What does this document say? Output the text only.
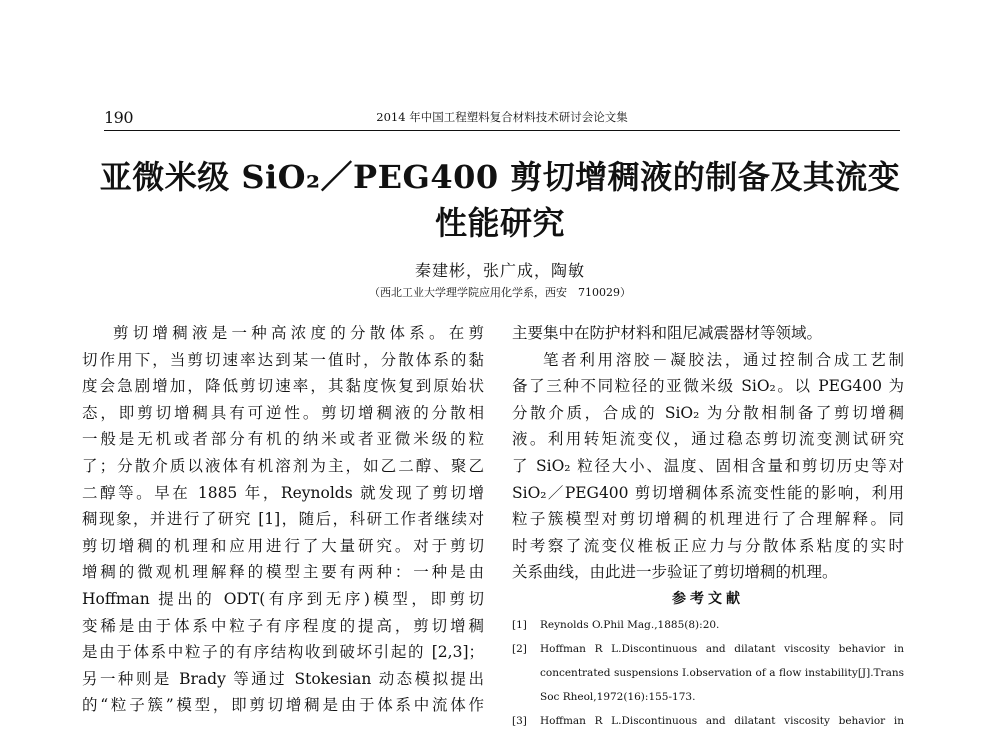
190	2014 年中国工程塑料复合材料技术研讨会论文集
亚微米级 SiO₂／PEG400 剪切增稠液的制备及其流变
性能研究
秦建彬，张广成，陶敏
（西北工业大学理学院应用化学系，西安　710029）
剪切增稠液是一种高浓度的分散体系。在剪
切作用下，当剪切速率达到某一值时，分散体系的黏
度会急剧增加，降低剪切速率，其黏度恢复到原始状
态，即剪切增稠具有可逆性。剪切增稠液的分散相
一般是无机或者部分有机的纳米或者亚微米级的粒
了；分散介质以液体有机溶剂为主，如乙二醇、聚乙
二醇等。早在 1885 年，Reynolds 就发现了剪切增
稠现象，并进行了研究 [1]，随后，科研工作者继续对
剪切增稠的机理和应用进行了大量研究。对于剪切
增稠的微观机理解释的模型主要有两种：一种是由
Hoffman 提出的 ODT(有序到无序)模型，即剪切
变稀是由于体系中粒子有序程度的提高，剪切增稠
是由于体系中粒子的有序结构收到破坏引起的 [2,3]；
另一种则是 Brady 等通过 Stokesian 动态模拟提出
的“粒子簇”模型，即剪切增稠是由于体系中流体作
主要集中在防护材料和阻尼减震器材等领域。
笔者利用溶胶－凝胶法，通过控制合成工艺制
备了三种不同粒径的亚微米级 SiO₂。以 PEG400 为
分散介质，合成的 SiO₂ 为分散相制备了剪切增稠
液。利用转矩流变仪，通过稳态剪切流变测试研究
了 SiO₂ 粒径大小、温度、固相含量和剪切历史等对
SiO₂／PEG400 剪切增稠体系流变性能的影响，利用
粒子簇模型对剪切增稠的机理进行了合理解释。同
时考察了流变仪椎板正应力与分散体系粘度的实时
关系曲线，由此进一步验证了剪切增稠的机理。
参考文献
[1] Reynolds O.Phil Mag.,1885(8):20.
[2] Hoffman R L.Discontinuous and dilatant viscosity behavior in
concentrated suspensions I.observation of a flow instability[J].Trans
Soc Rheol,1972(16):155-173.
[3] Hoffman R L.Discontinuous and dilatant viscosity behavior in
